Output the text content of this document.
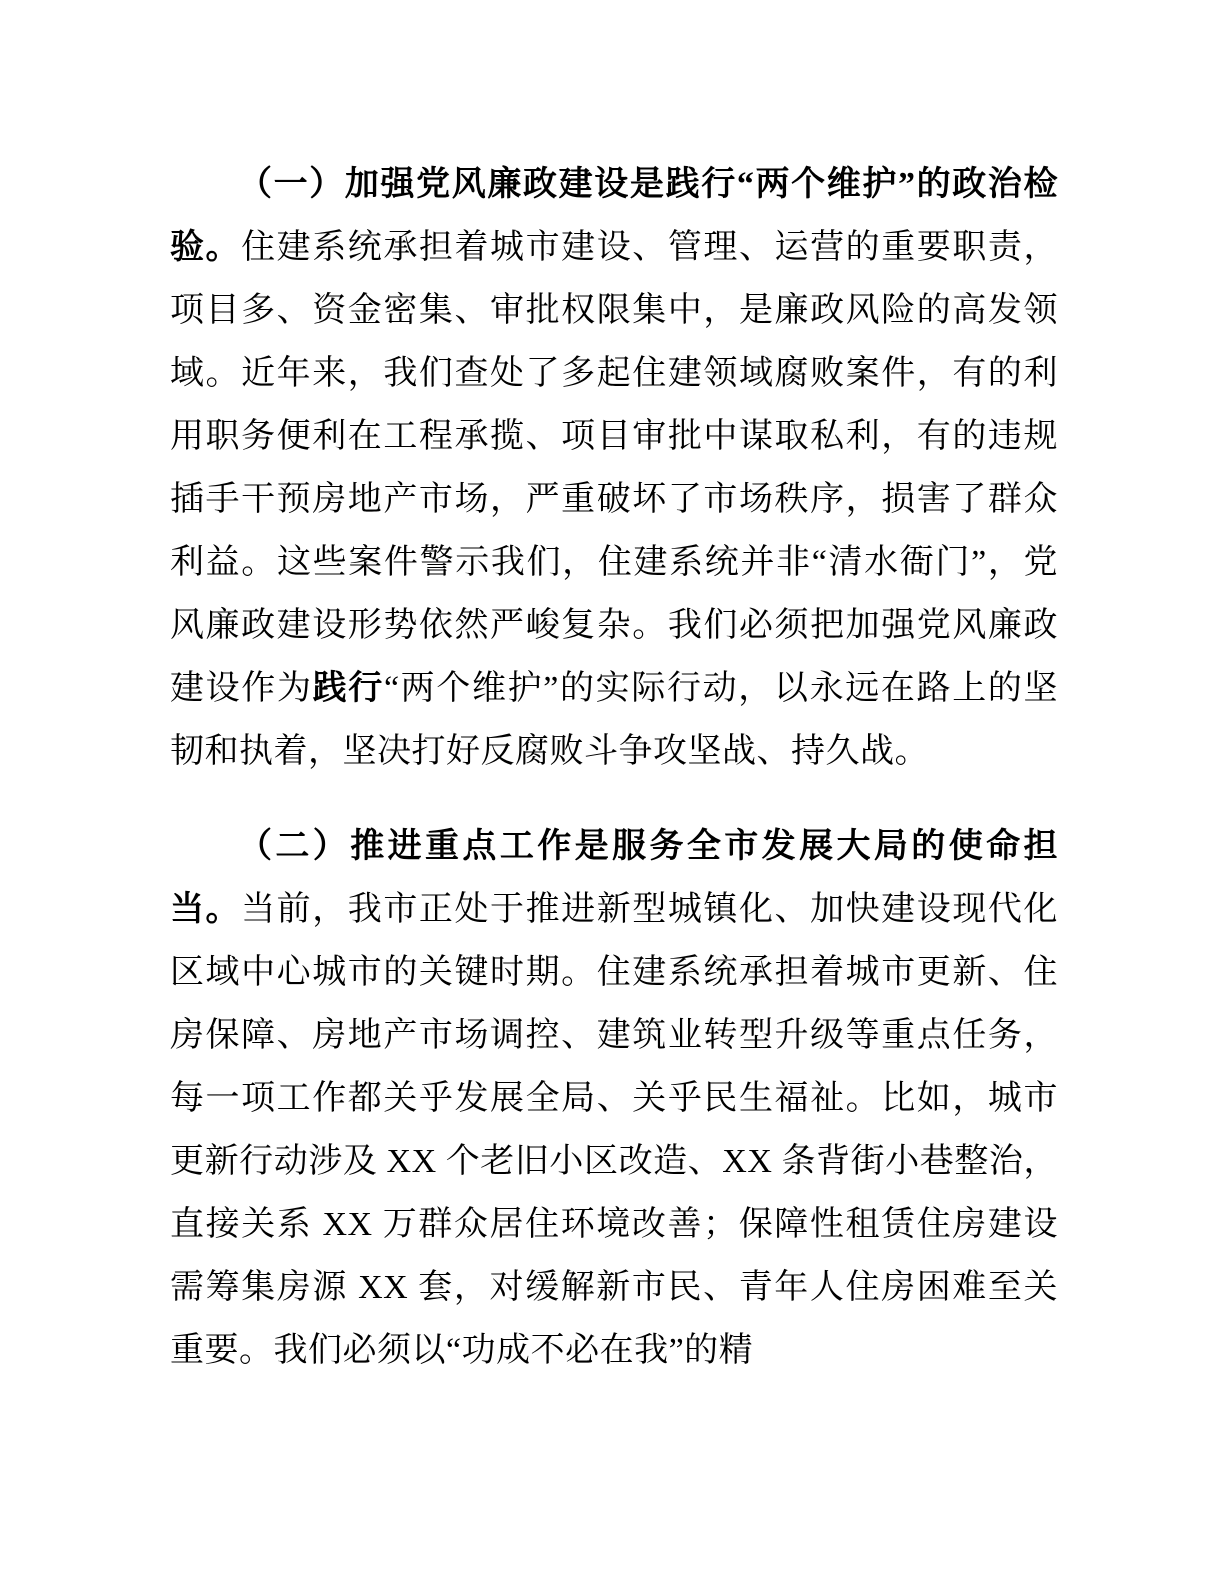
（一）加强党风廉政建设是践行“两个维护”的政治检验。住建系统承担着城市建设、管理、运营的重要职责，项目多、资金密集、审批权限集中，是廉政风险的高发领域。近年来，我们查处了多起住建领域腐败案件，有的利用职务便利在工程承揽、项目审批中谋取私利，有的违规插手干预房地产市场，严重破坏了市场秩序，损害了群众利益。这些案件警示我们，住建系统并非“清水衙门”，党风廉政建设形势依然严峻复杂。我们必须把加强党风廉政建设作为践行“两个维护”的实际行动，以永远在路上的坚韧和执着，坚决打好反腐败斗争攻坚战、持久战。

（二）推进重点工作是服务全市发展大局的使命担当。当前，我市正处于推进新型城镇化、加快建设现代化区域中心城市的关键时期。住建系统承担着城市更新、住房保障、房地产市场调控、建筑业转型升级等重点任务，每一项工作都关乎发展全局、关乎民生福祉。比如，城市更新行动涉及 XX 个老旧小区改造、XX 条背街小巷整治，直接关系 XX 万群众居住环境改善；保障性租赁住房建设需筹集房源 XX 套，对缓解新市民、青年人住房困难至关重要。我们必须以“功成不必在我”的精
